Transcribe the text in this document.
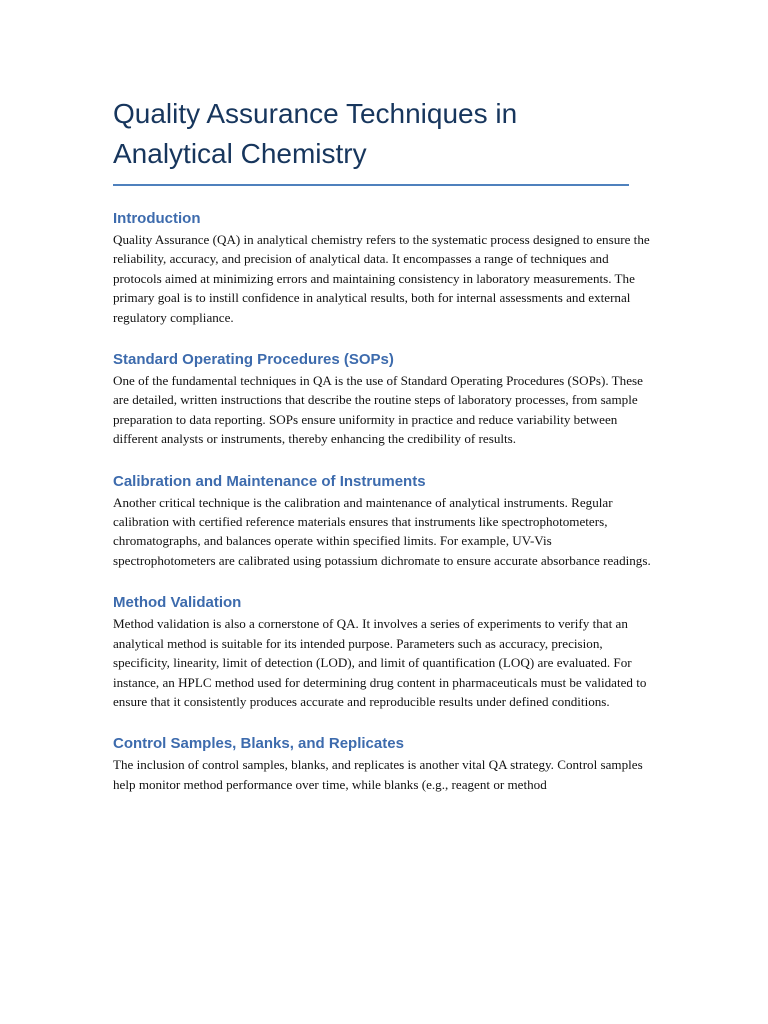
Quality Assurance Techniques in
Analytical Chemistry
Introduction

Quality Assurance (QA) in analytical chemistry refers to the systematic process designed to ensure the reliability, accuracy, and precision of analytical data. It encompasses a range of techniques and protocols aimed at minimizing errors and maintaining consistency in laboratory measurements. The primary goal is to instill confidence in analytical results, both for internal assessments and external regulatory compliance.

Standard Operating Procedures (SOPs)

One of the fundamental techniques in QA is the use of Standard Operating Procedures (SOPs). These are detailed, written instructions that describe the routine steps of laboratory processes, from sample preparation to data reporting. SOPs ensure uniformity in practice and reduce variability between different analysts or instruments, thereby enhancing the credibility of results.

Calibration and Maintenance of Instruments

Another critical technique is the calibration and maintenance of analytical instruments. Regular calibration with certified reference materials ensures that instruments like spectrophotometers, chromatographs, and balances operate within specified limits. For example, UV-Vis spectrophotometers are calibrated using potassium dichromate to ensure accurate absorbance readings.

Method Validation

Method validation is also a cornerstone of QA. It involves a series of experiments to verify that an analytical method is suitable for its intended purpose. Parameters such as accuracy, precision, specificity, linearity, limit of detection (LOD), and limit of quantification (LOQ) are evaluated. For instance, an HPLC method used for determining drug content in pharmaceuticals must be validated to ensure that it consistently produces accurate and reproducible results under defined conditions.

Control Samples, Blanks, and Replicates

The inclusion of control samples, blanks, and replicates is another vital QA strategy. Control samples help monitor method performance over time, while blanks (e.g., reagent or method
